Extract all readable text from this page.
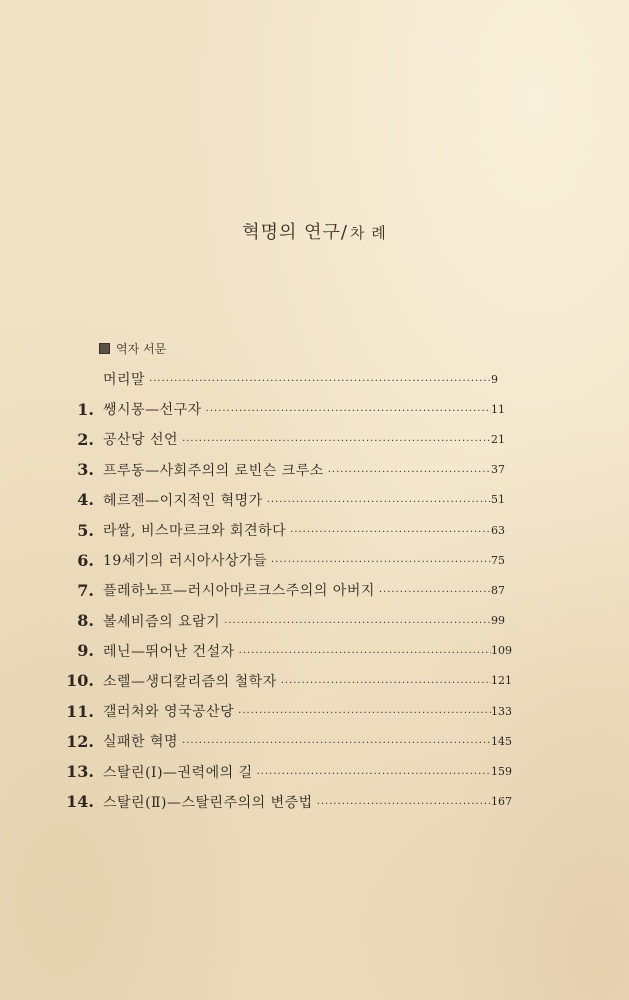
혁명의 연구/ 차 례
역자 서문
머리말 ·····	9
1. 쌩시몽—선구자 ·····	11
2. 공산당 선언 ·····	21
3. 프루동—사회주의의 로빈슨 크루소 ·····	37
4. 헤르젠—이지적인 혁명가 ·····	51
5. 라쌀, 비스마르크와 회견하다 ·····	63
6. 19세기의 러시아사상가들 ·····	75
7. 플레하노프—러시아마르크스주의의 아버지 ·····	87
8. 볼셰비즘의 요람기 ·····	99
9. 레닌—뛰어난 건설자 ·····	109
10. 소렐—생디칼리즘의 철학자 ·····	121
11. 갤러처와 영국공산당 ·····	133
12. 실패한 혁명 ·····	145
13. 스탈린(Ⅰ)—권력에의 길 ·····	159
14. 스탈린(Ⅱ)—스탈린주의의 변증법 ·····	167
